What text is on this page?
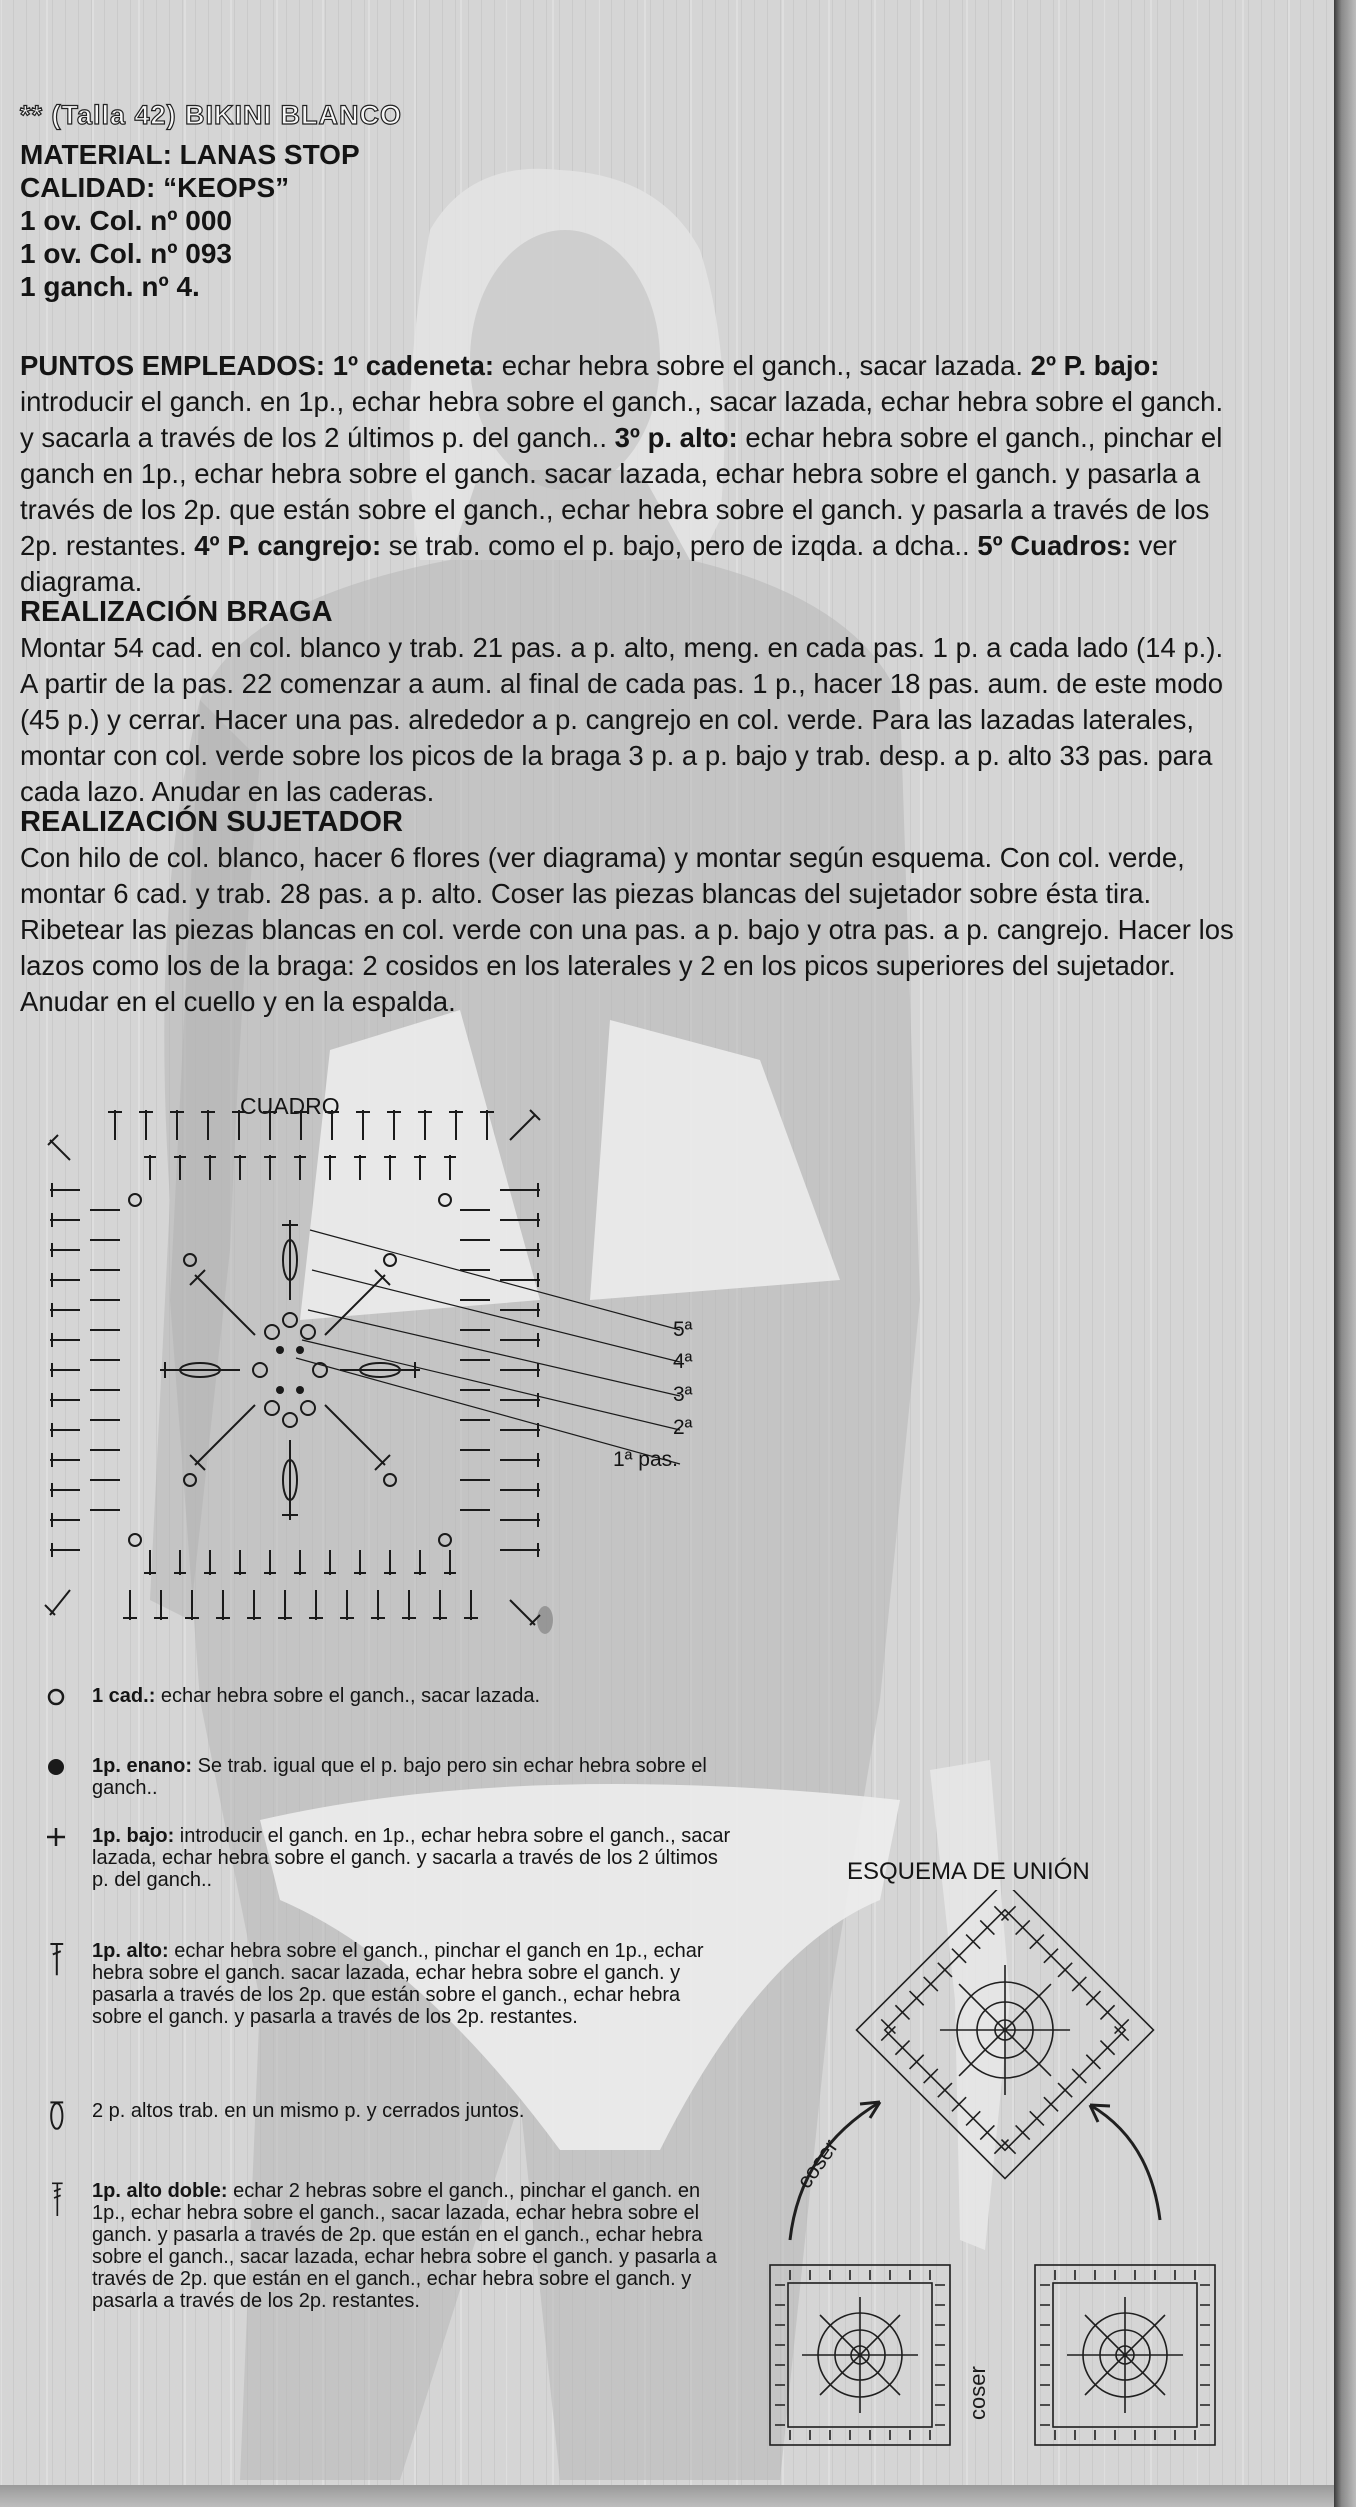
** (Talla 42) BIKINI BLANCO
MATERIAL: LANAS STOP
CALIDAD: “KEOPS”
1 ov. Col. nº 000
1 ov. Col. nº 093
1 ganch. nº 4.

PUNTOS EMPLEADOS: 1º cadeneta: echar hebra sobre el ganch., sacar lazada. 2º P. bajo: introducir el ganch. en 1p., echar hebra sobre el ganch., sacar lazada, echar hebra sobre el ganch. y sacarla a través de los 2 últimos p. del ganch.. 3º p. alto: echar hebra sobre el ganch., pinchar el ganch en 1p., echar hebra sobre el ganch. sacar lazada, echar hebra sobre el ganch. y pasarla a través de los 2p. que están sobre el ganch., echar hebra sobre el ganch. y pasarla a través de los 2p. restantes. 4º P. cangrejo: se trab. como el p. bajo, pero de izqda. a dcha.. 5º Cuadros: ver diagrama.

REALIZACIÓN BRAGA

Montar 54 cad. en col. blanco y trab. 21 pas. a p. alto, meng. en cada pas. 1 p. a cada lado (14 p.). A partir de la pas. 22 comenzar a aum. al final de cada pas. 1 p., hacer 18 pas. aum. de este modo (45 p.) y cerrar. Hacer una pas. alrededor a p. cangrejo en col. verde. Para las lazadas laterales, montar con col. verde sobre los picos de la braga 3 p. a p. bajo y trab. desp. a p. alto 33 pas. para cada lazo. Anudar en las caderas.

REALIZACIÓN SUJETADOR

Con hilo de col. blanco, hacer 6 flores (ver diagrama) y montar según esquema. Con col. verde, montar 6 cad. y trab. 28 pas. a p. alto. Coser las piezas blancas del sujetador sobre ésta tira. Ribetear las piezas blancas en col. verde con una pas. a p. bajo y otra pas. a p. cangrejo. Hacer los lazos como los de la braga: 2 cosidos en los laterales y 2 en los picos superiores del sujetador. Anudar en el cuello y en la espalda.

CUADRO
5ª
4ª
3ª
2ª
1ª pas.
1 cad.: echar hebra sobre el ganch., sacar lazada.
1p. enano: Se trab. igual que el p. bajo pero sin echar hebra sobre el ganch..
1p. bajo: introducir el ganch. en 1p., echar hebra sobre el ganch., sacar lazada, echar hebra sobre el ganch. y sacarla a través de los 2 últimos p. del ganch..
1p. alto: echar hebra sobre el ganch., pinchar el ganch en 1p., echar hebra sobre el ganch. sacar lazada, echar hebra sobre el ganch. y pasarla a través de los 2p. que están sobre el ganch., echar hebra sobre el ganch. y pasarla a través de los 2p. restantes.
2 p. altos trab. en un mismo p. y cerrados juntos.
1p. alto doble: echar 2 hebras sobre el ganch., pinchar el ganch. en 1p., echar hebra sobre el ganch., sacar lazada, echar hebra sobre el ganch. y pasarla a través de 2p. que están en el ganch., echar hebra sobre el ganch., sacar lazada, echar hebra sobre el ganch. y pasarla a través de 2p. que están en el ganch., echar hebra sobre el ganch. y pasarla a través de los 2p. restantes.
ESQUEMA DE UNIÓN
coser
coser
